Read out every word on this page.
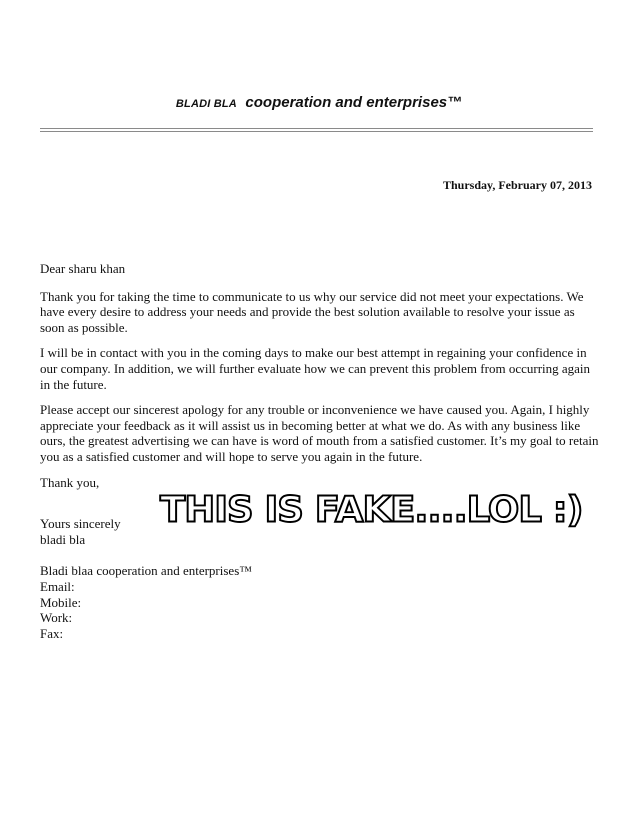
BLADI BLA cooperation and enterprises™
Thursday, February 07, 2013

Dear sharu khan

Thank you for taking the time to communicate to us why our service did not meet your expectations. We have every desire to address your needs and provide the best solution available to resolve your issue as soon as possible.

I will be in contact with you in the coming days to make our best attempt in regaining your confidence in our company. In addition, we will further evaluate how we can prevent this problem from occurring again in the future.

Please accept our sincerest apology for any trouble or inconvenience we have caused you. Again, I highly appreciate your feedback as it will assist us in becoming better at what we do. As with any business like ours, the greatest advertising we can have is word of mouth from a satisfied customer. It’s my goal to retain you as a satisfied customer and will hope to serve you again in the future.

Thank you,

Yours sincerely
bladi bla
Bladi blaa cooperation and enterprises™
Email:
Mobile:
Work:
Fax:
THIS IS FAKE....LOL :)
